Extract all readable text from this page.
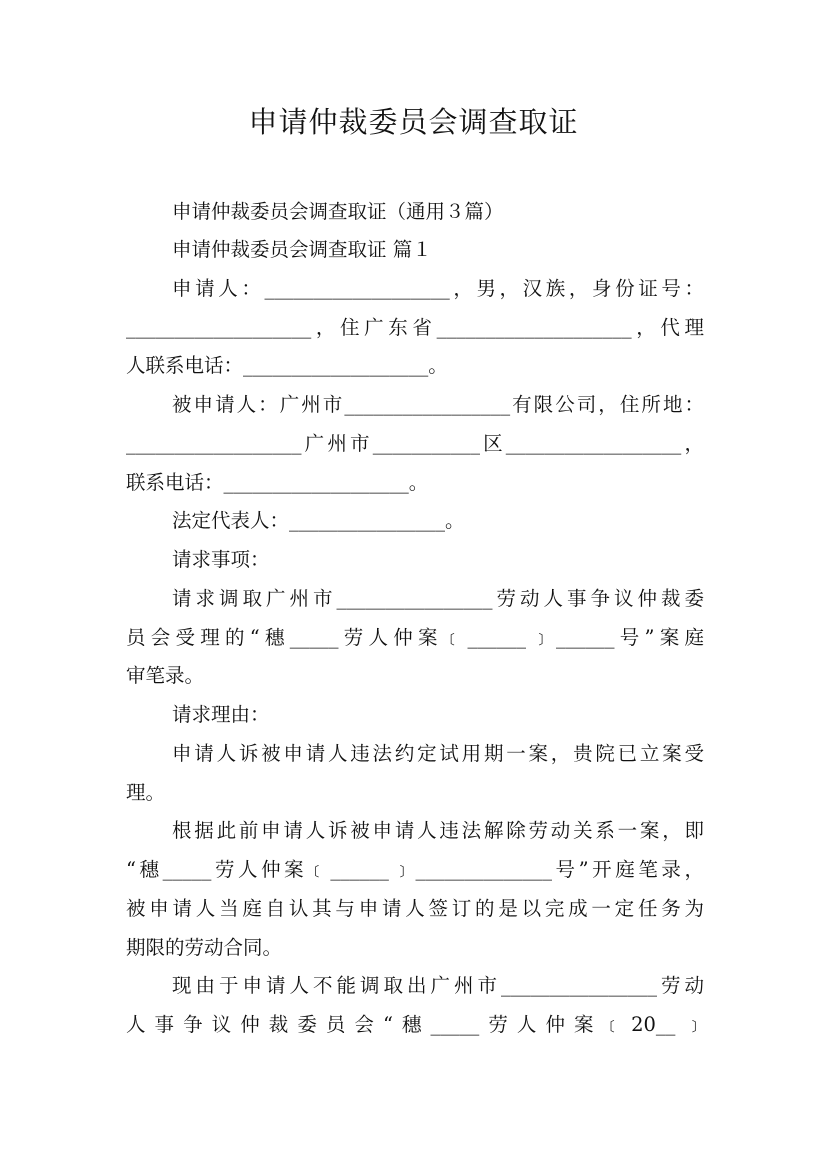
申请仲裁委员会调查取证
申请仲裁委员会调查取证（通用３篇）
申请仲裁委员会调查取证 篇１
申请人：___________________，男，汉族，身份证号：
___________________，住广东省____________________，代理
人联系电话：___________________。
被申请人：广州市_________________有限公司，住所地：
__________________广州市___________区__________________，
联系电话：___________________。
法定代表人：________________。
请求事项：
请求调取广州市________________劳动人事争议仲裁委
员会受理的“穗_____劳人仲案﹝______﹞______号”案庭
审笔录。
请求理由：
申请人诉被申请人违法约定试用期一案，贵院已立案受
理。
根据此前申请人诉被申请人违法解除劳动关系一案，即
“穗_____劳人仲案﹝______﹞______________号”开庭笔录，
被申请人当庭自认其与申请人签订的是以完成一定任务为
期限的劳动合同。
现由于申请人不能调取出广州市________________劳动
人事争议仲裁委员会“穗_____劳人仲案﹝20__﹞
